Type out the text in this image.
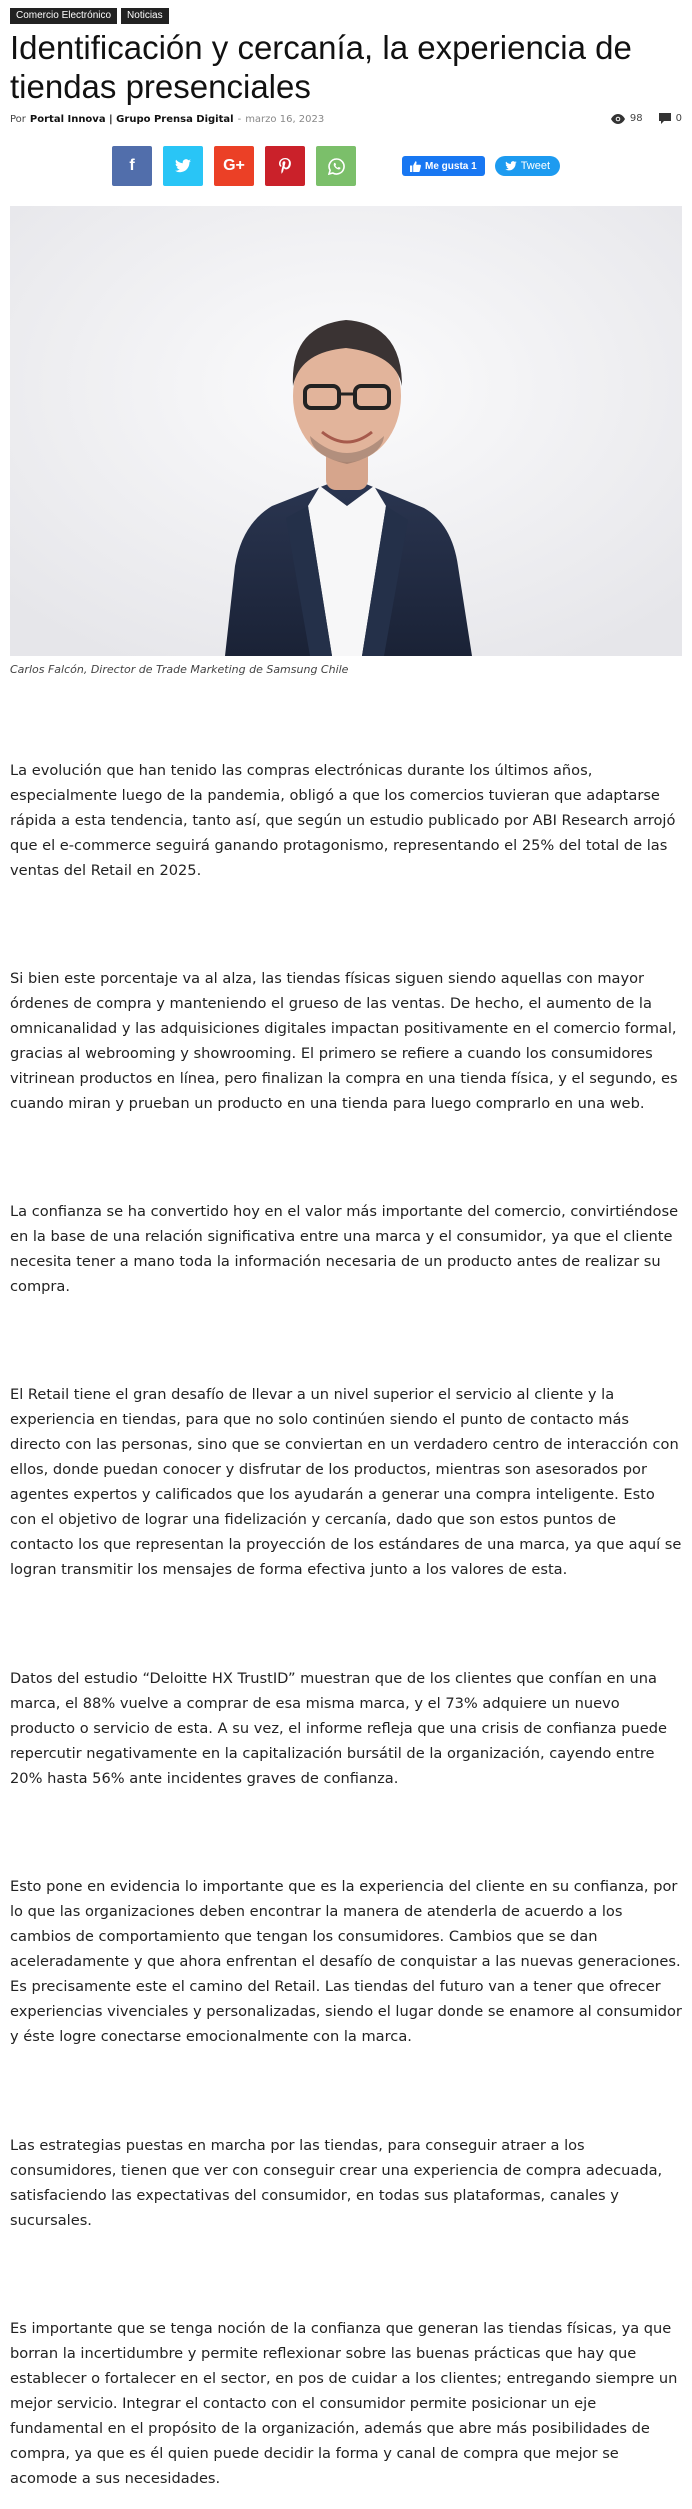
Comercio Electrónico	Noticias
Identificación y cercanía, la experiencia de tiendas presenciales
Por Portal Innova | Grupo Prensa Digital - marzo 16, 2023	98	0
f	G+	Me gusta 1	Tweet
Carlos Falcón, Director de Trade Marketing de Samsung Chile

La evolución que han tenido las compras electrónicas durante los últimos años, especialmente luego de la pandemia, obligó a que los comercios tuvieran que adaptarse rápida a esta tendencia, tanto así, que según un estudio publicado por ABI Research arrojó que el e-commerce seguirá ganando protagonismo, representando el 25% del total de las ventas del Retail en 2025.

Si bien este porcentaje va al alza, las tiendas físicas siguen siendo aquellas con mayor órdenes de compra y manteniendo el grueso de las ventas. De hecho, el aumento de la omnicanalidad y las adquisiciones digitales impactan positivamente en el comercio formal, gracias al webrooming y showrooming. El primero se refiere a cuando los consumidores vitrinean productos en línea, pero finalizan la compra en una tienda física, y el segundo, es cuando miran y prueban un producto en una tienda para luego comprarlo en una web.

La confianza se ha convertido hoy en el valor más importante del comercio, convirtiéndose en la base de una relación significativa entre una marca y el consumidor, ya que el cliente necesita tener a mano toda la información necesaria de un producto antes de realizar su compra.

El Retail tiene el gran desafío de llevar a un nivel superior el servicio al cliente y la experiencia en tiendas, para que no solo continúen siendo el punto de contacto más directo con las personas, sino que se conviertan en un verdadero centro de interacción con ellos, donde puedan conocer y disfrutar de los productos, mientras son asesorados por agentes expertos y calificados que los ayudarán a generar una compra inteligente. Esto con el objetivo de lograr una fidelización y cercanía, dado que son estos puntos de contacto los que representan la proyección de los estándares de una marca, ya que aquí se logran transmitir los mensajes de forma efectiva junto a los valores de esta.

Datos del estudio “Deloitte HX TrustID” muestran que de los clientes que confían en una marca, el 88% vuelve a comprar de esa misma marca, y el 73% adquiere un nuevo producto o servicio de esta. A su vez, el informe refleja que una crisis de confianza puede repercutir negativamente en la capitalización bursátil de la organización, cayendo entre 20% hasta 56% ante incidentes graves de confianza.

Esto pone en evidencia lo importante que es la experiencia del cliente en su confianza, por lo que las organizaciones deben encontrar la manera de atenderla de acuerdo a los cambios de comportamiento que tengan los consumidores. Cambios que se dan aceleradamente y que ahora enfrentan el desafío de conquistar a las nuevas generaciones. Es precisamente este el camino del Retail. Las tiendas del futuro van a tener que ofrecer experiencias vivenciales y personalizadas, siendo el lugar donde se enamore al consumidor y éste logre conectarse emocionalmente con la marca.

Las estrategias puestas en marcha por las tiendas, para conseguir atraer a los consumidores, tienen que ver con conseguir crear una experiencia de compra adecuada, satisfaciendo las expectativas del consumidor, en todas sus plataformas, canales y sucursales.

Es importante que se tenga noción de la confianza que generan las tiendas físicas, ya que borran la incertidumbre y permite reflexionar sobre las buenas prácticas que hay que establecer o fortalecer en el sector, en pos de cuidar a los clientes; entregando siempre un mejor servicio. Integrar el contacto con el consumidor permite posicionar un eje fundamental en el propósito de la organización, además que abre más posibilidades de compra, ya que es él quien puede decidir la forma y canal de compra que mejor se acomode a sus necesidades.
